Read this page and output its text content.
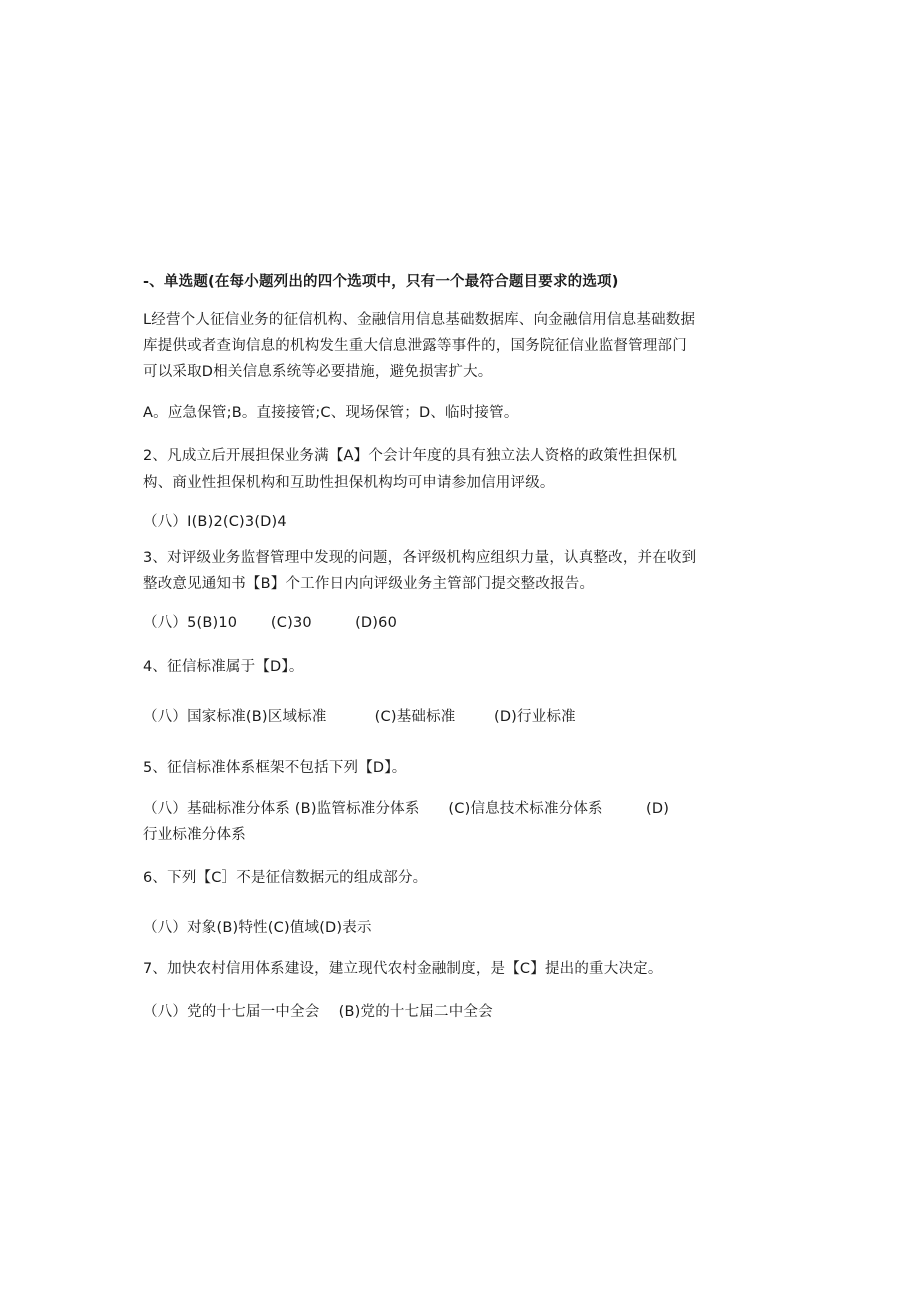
-、单选题(在每小题列出的四个选项中，只有一个最符合题目要求的选项)
L经营个人征信业务的征信机构、金融信用信息基础数据库、向金融信用信息基础数据
库提供或者查询信息的机构发生重大信息泄露等事件的，国务院征信业监督管理部门
可以采取D相关信息系统等必要措施，避免损害扩大。
A。应急保管;B。直接接管;C、现场保管；D、临时接管。
2、凡成立后开展担保业务满【A】个会计年度的具有独立法人资格的政策性担保机
构、商业性担保机构和互助性担保机构均可申请参加信用评级。
（八）I(B)2(C)3(D)4
3、对评级业务监督管理中发现的问题，各评级机构应组织力量，认真整改，并在收到
整改意见通知书【B】个工作日内向评级业务主管部门提交整改报告。
（八）5(B)10       (C)30         (D)60
4、征信标准属于【D】。
（八）国家标准(B)区域标准          (C)基础标准        (D)行业标准
5、征信标准体系框架不包括下列【D】。
（八）基础标准分体系 (B)监管标准分体系      (C)信息技术标准分体系         (D)
行业标准分体系
6、下列【C］不是征信数据元的组成部分。
（八）对象(B)特性(C)值域(D)表示
7、加快农村信用体系建设，建立现代农村金融制度，是【C】提出的重大决定。
（八）党的十七届一中全会    (B)党的十七届二中全会
